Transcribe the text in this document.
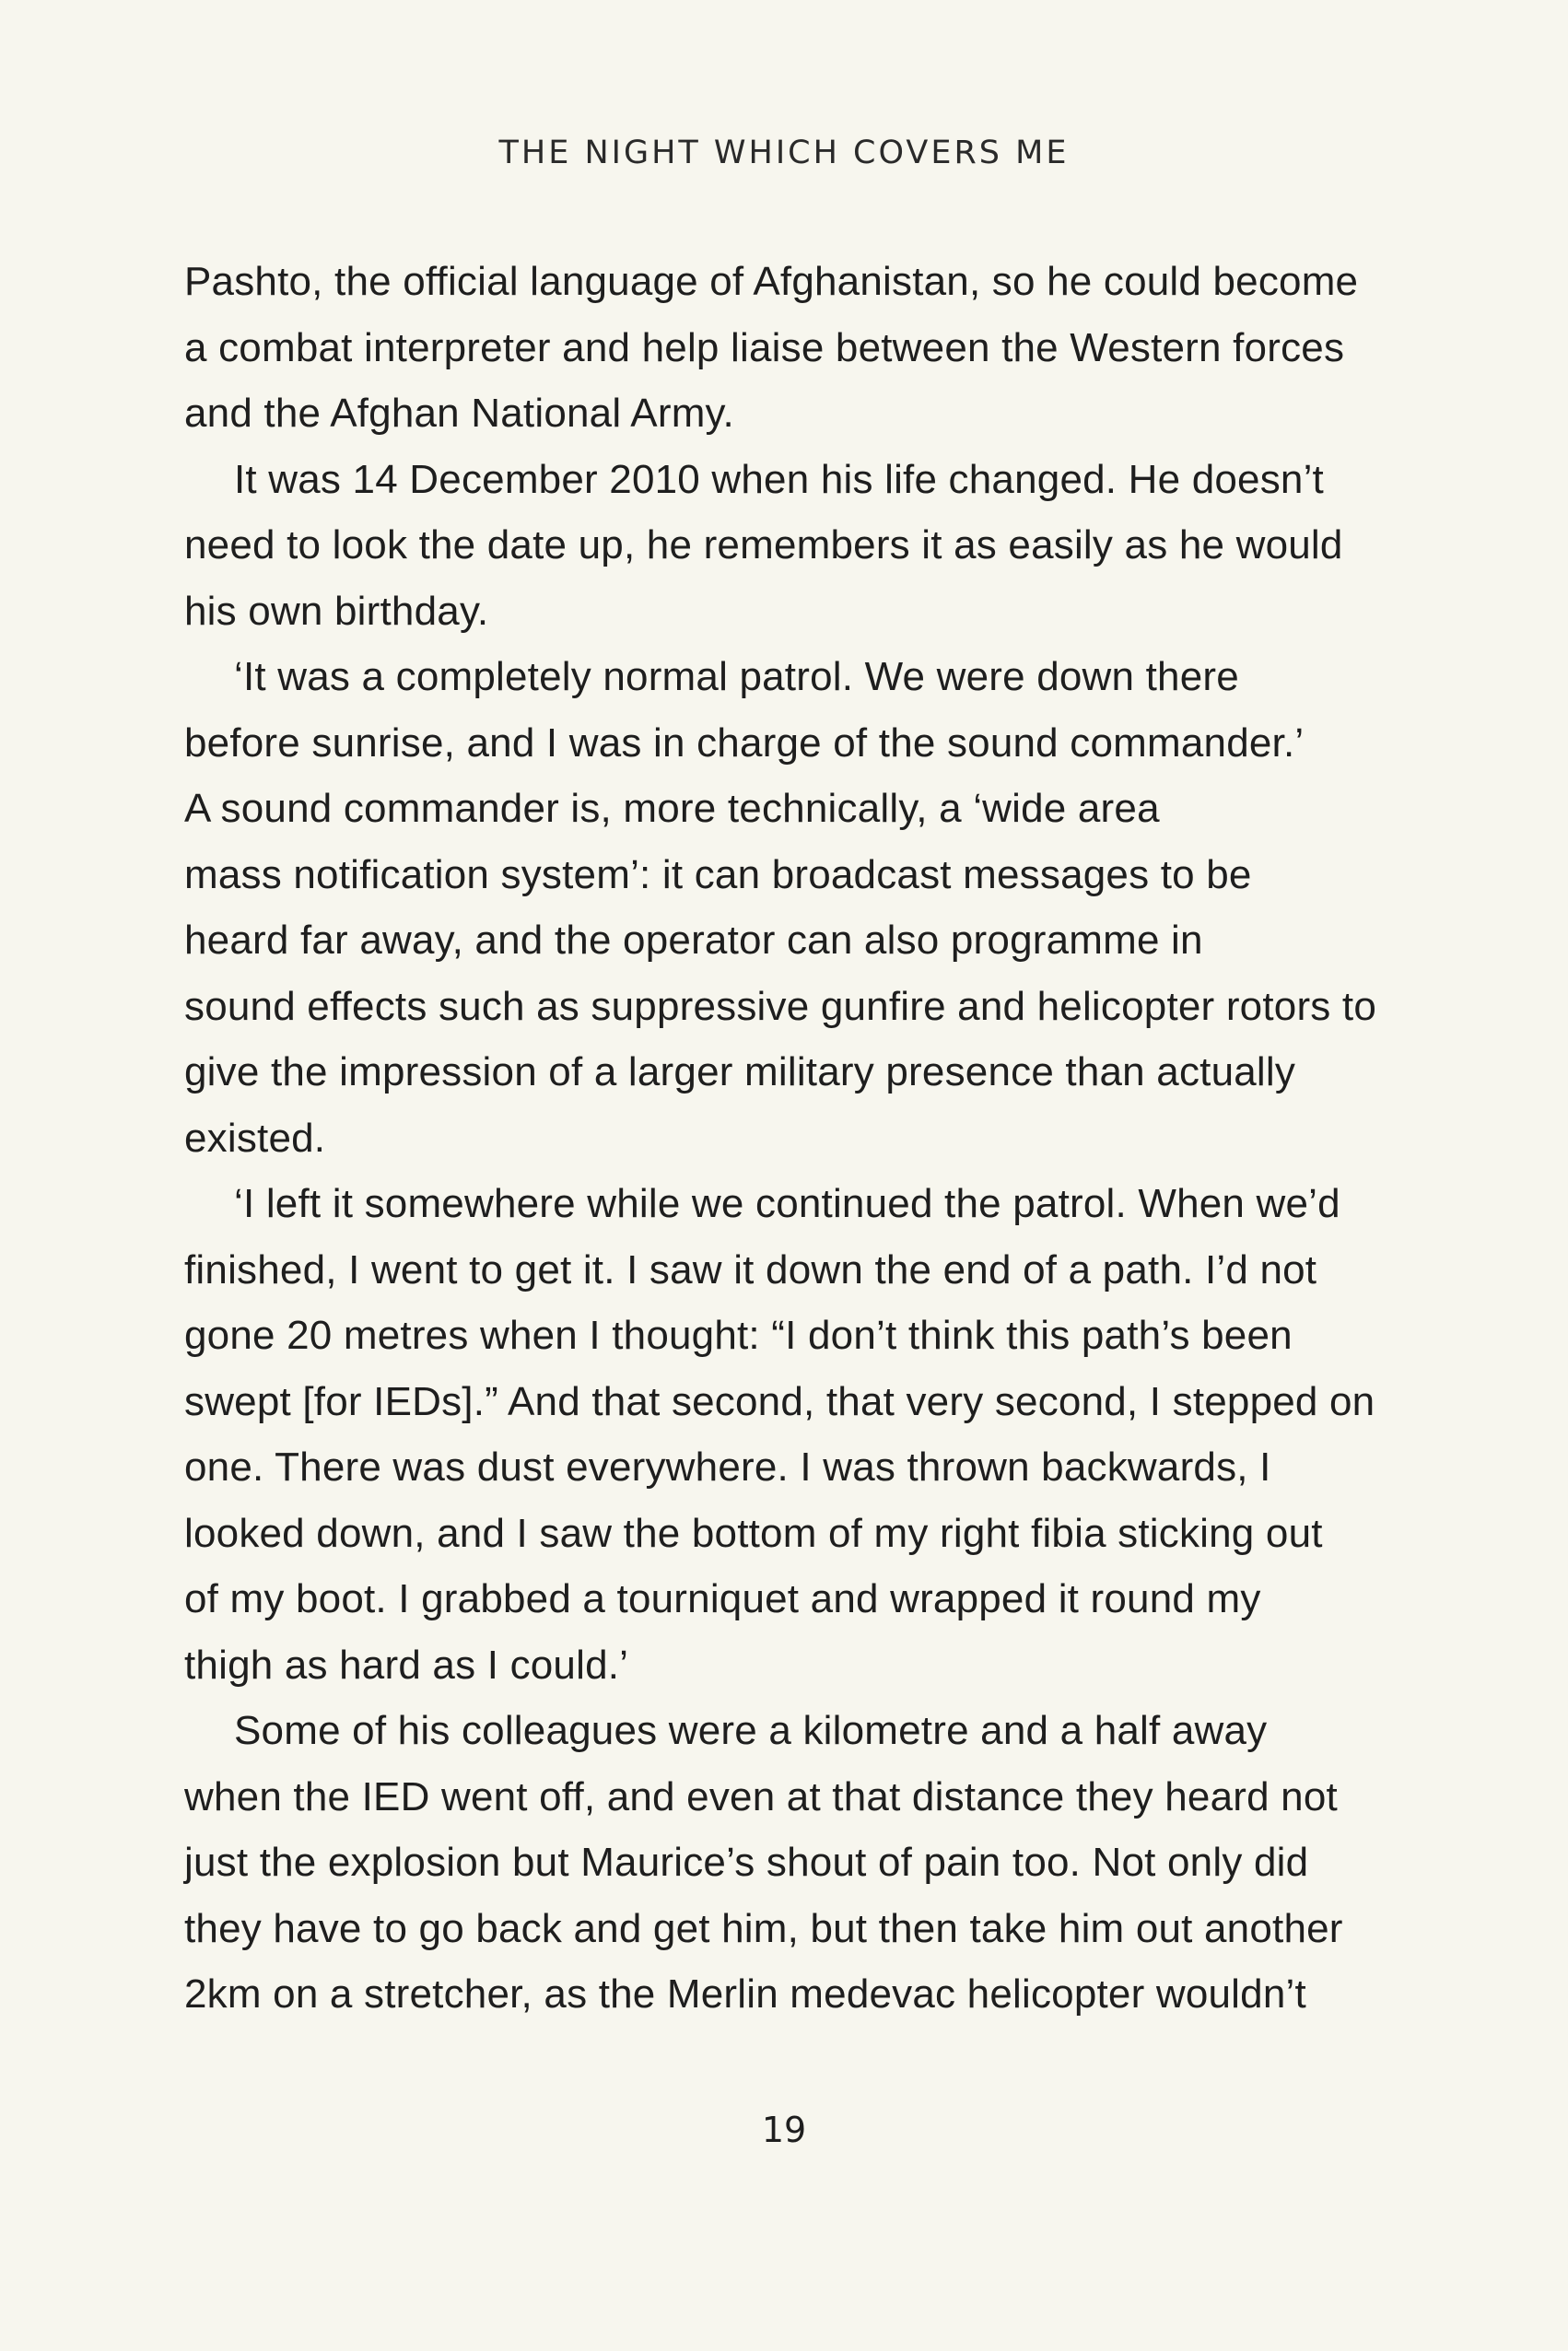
THE NIGHT WHICH COVERS ME
Pashto, the official language of Afghanistan, so he could become
a combat interpreter and help liaise between the Western forces
and the Afghan National Army.
It was 14 December 2010 when his life changed. He doesn’t
need to look the date up, he remembers it as easily as he would
his own birthday.
‘It was a completely normal patrol. We were down there
before sunrise, and I was in charge of the sound commander.’
A sound commander is, more technically, a ‘wide area
mass notification system’: it can broadcast messages to be
heard far away, and the operator can also programme in
sound effects such as suppressive gunfire and helicopter rotors to
give the impression of a larger military presence than actually
existed.
‘I left it somewhere while we continued the patrol. When we’d
finished, I went to get it. I saw it down the end of a path. I’d not
gone 20 metres when I thought: “I don’t think this path’s been
swept [for IEDs].” And that second, that very second, I stepped on
one. There was dust everywhere. I was thrown backwards, I
looked down, and I saw the bottom of my right fibia sticking out
of my boot. I grabbed a tourniquet and wrapped it round my
thigh as hard as I could.’
Some of his colleagues were a kilometre and a half away
when the IED went off, and even at that distance they heard not
just the explosion but Maurice’s shout of pain too. Not only did
they have to go back and get him, but then take him out another
2km on a stretcher, as the Merlin medevac helicopter wouldn’t
19
